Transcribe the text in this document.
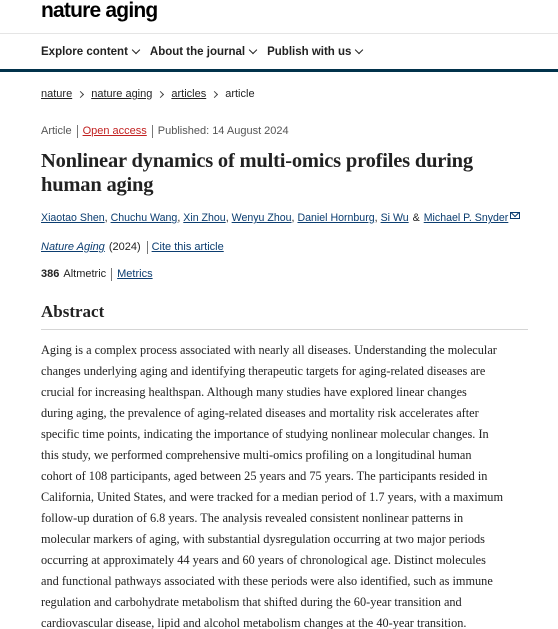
nature aging
Explore content About the journal Publish with us
nature nature aging articles article
Article Open access Published: 14 August 2024
Nonlinear dynamics of multi-omics profiles during human aging
Xiaotao Shen , Chuchu Wang , Xin Zhou , Wenyu Zhou , Daniel Hornburg , Si Wu & Michael P. Snyder
Nature Aging (2024) Cite this article
386 Altmetric Metrics
Abstract
Aging is a complex process associated with nearly all diseases. Understanding the molecular
changes underlying aging and identifying therapeutic targets for aging-related diseases are
crucial for increasing healthspan. Although many studies have explored linear changes
during aging, the prevalence of aging-related diseases and mortality risk accelerates after
specific time points, indicating the importance of studying nonlinear molecular changes. In
this study, we performed comprehensive multi-omics profiling on a longitudinal human
cohort of 108 participants, aged between 25 years and 75 years. The participants resided in
California, United States, and were tracked for a median period of 1.7 years, with a maximum
follow-up duration of 6.8 years. The analysis revealed consistent nonlinear patterns in
molecular markers of aging, with substantial dysregulation occurring at two major periods
occurring at approximately 44 years and 60 years of chronological age. Distinct molecules
and functional pathways associated with these periods were also identified, such as immune
regulation and carbohydrate metabolism that shifted during the 60-year transition and
cardiovascular disease, lipid and alcohol metabolism changes at the 40-year transition.
